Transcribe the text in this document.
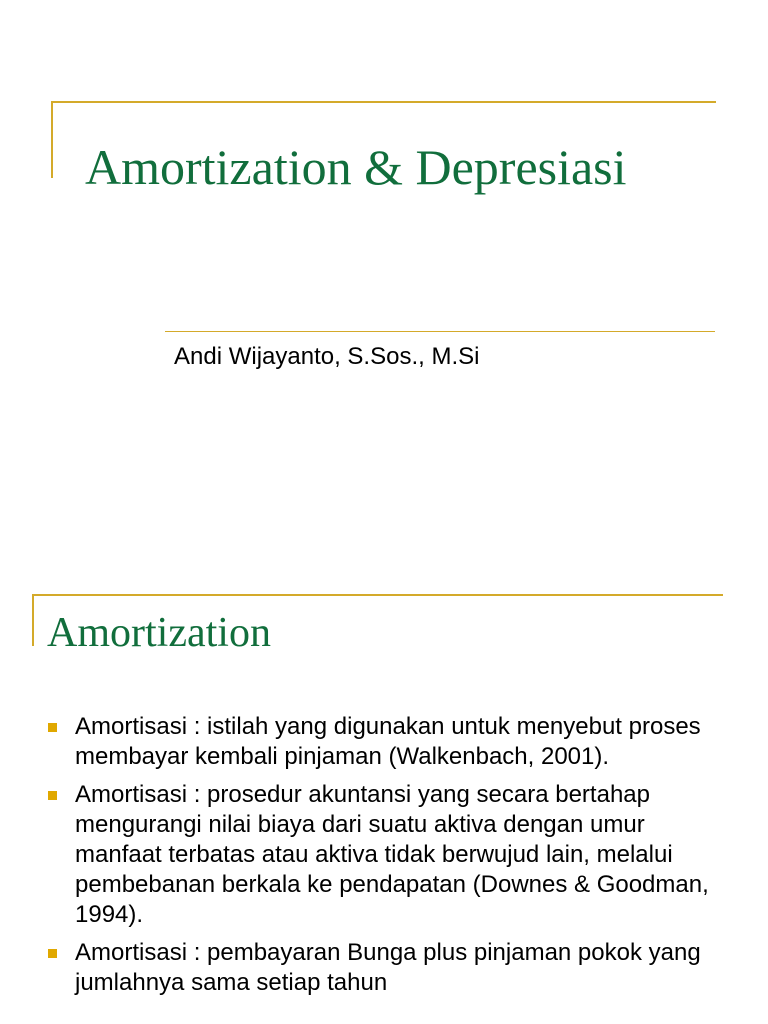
Amortization & Depresiasi

Andi Wijayanto, S.Sos., M.Si

Amortization
Amortisasi : istilah yang digunakan untuk menyebut proses membayar kembali pinjaman (Walkenbach, 2001).
Amortisasi : prosedur akuntansi yang secara bertahap mengurangi nilai biaya dari suatu aktiva dengan umur manfaat terbatas atau aktiva tidak berwujud lain, melalui pembebanan berkala ke pendapatan (Downes & Goodman, 1994).
Amortisasi : pembayaran Bunga plus pinjaman pokok yang jumlahnya sama setiap tahun
